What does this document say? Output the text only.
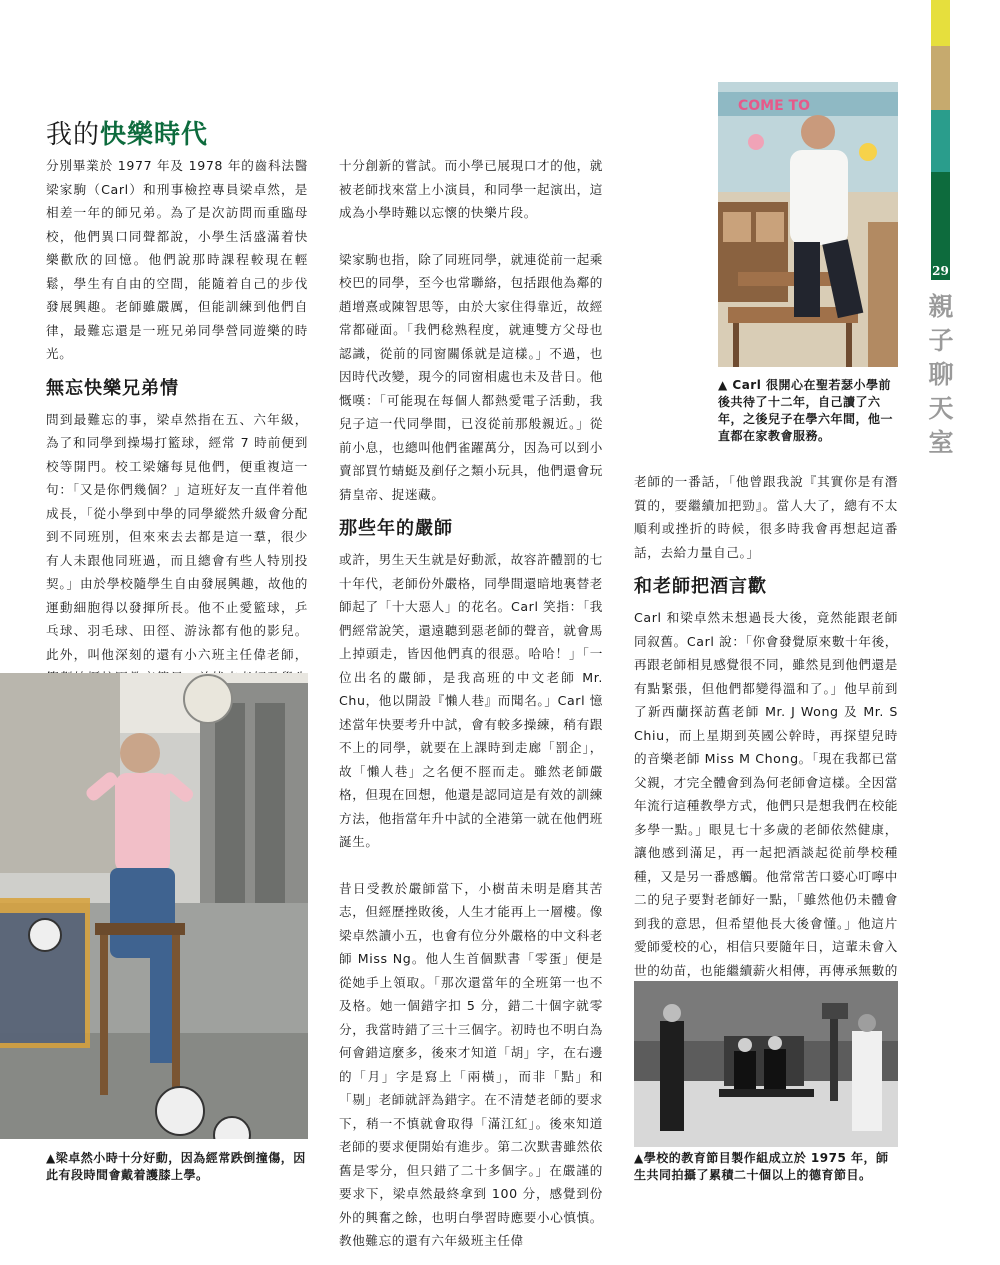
29
親
子
聊
天
室
我的快樂時代

分別畢業於 1977 年及 1978 年的齒科法醫梁家駒（Carl）和刑事檢控專員梁卓然，是相差一年的師兄弟。為了是次訪問而重臨母校，他們異口同聲都說，小學生活盛滿着快樂歡欣的回憶。他們說那時課程較現在輕鬆，學生有自由的空間，能隨着自己的步伐發展興趣。老師雖嚴厲，但能訓練到他們自律，最難忘還是一班兄弟同學營同遊樂的時光。

無忘快樂兄弟情

問到最難忘的事，梁卓然指在五、六年級，為了和同學到操場打籃球，經常 7 時前便到校等開門。校工梁嬸每見他們，便重複這一句：「又是你們幾個？」這班好友一直伴着他成長，「從小學到中學的同學縱然升級會分配到不同班別，但來來去去都是這一羣，很少有人未跟他同班過，而且總會有些人特別投契。」由於學校隨學生自由發展興趣，故他的運動細胞得以發揮所長。他不止愛籃球，乒乓球、羽毛球、田徑、游泳都有他的影兒。此外，叫他深刻的還有小六班主任偉老師，

▲梁卓然小時十分好動，因為經常跌倒撞傷，因此有段時間會戴着護膝上學。

十分創新的嘗試。而小學已展現口才的他，就被老師找來當上小演員，和同學一起演出，這成為小學時難以忘懷的快樂片段。

梁家駒也指，除了同班同學，就連從前一起乘校巴的同學，至今也常聯絡，包括跟他為鄰的趙增熹或陳智思等，由於大家住得靠近，故經常都碰面。「我們稔熟程度，就連雙方父母也認識，從前的同窗關係就是這樣。」不過，也因時代改變，現今的同窗相處也未及昔日。他慨嘆：「可能現在每個人都熱愛電子活動，我兒子這一代同學間，已沒從前那般親近。」從前小息，也總叫他們雀躍萬分，因為可以到小賣部買竹蜻蜓及剷仔之類小玩具，他們還會玩猜皇帝、捉迷藏。

那些年的嚴師

或許，男生天生就是好動派，故容許體罰的七十年代，老師份外嚴格，同學間還暗地裏替老師起了「十大惡人」的花名。Carl 笑指：「我們經常說笑，還遠聽到惡老師的聲音，就會馬上掉頭走，皆因他們真的很惡。哈哈！」「一位出名的嚴師，是我高班的中文老師 Mr. Chu，他以開設『懶人巷』而聞名。」Carl 憶述當年快要考升中試，會有較多操練，稍有跟不上的同學，就要在上課時到走廊「罰企」，故「懶人巷」之名便不脛而走。雖然老師嚴格，但現在回想，他還是認同這是有效的訓練方法，他指當年升中試的全港第一就在他們班誕生。

昔日受教於嚴師當下，小樹苗未明是磨其苦志，但經歷挫敗後，人生才能再上一層樓。像梁卓然讀小五，也會有位分外嚴格的中文科老師 Miss Ng。他人生首個默書「零蛋」便是從她手上領取。「那次還當年的全班第一也不及格。她一個錯字扣 5 分，錯二十個字就零分，我當時錯了三十三個字。初時也不明白為何會錯這麼多，後來才知道「胡」字，在右邊的「月」字是寫上「兩橫」，而非「點」和「剔」老師就評為錯字。在不清楚老師的要求下，稍一不慎就會取得「滿江紅」。後來知道老師的要求便開始有進步。第二次默書雖然依舊是零分，但只錯了二十多個字。」在嚴謹的要求下，梁卓然最終拿到 100 分，感覺到份外的興奮之餘，也明白學習時應要小心慎慎。教他難忘的還有六年級班主任偉

COME TO
▲ Carl 很開心在聖若瑟小學前後共待了十二年，自己讀了六年，之後兒子在學六年間，他一直都在家教會服務。

老師的一番話，「他曾跟我說『其實你是有潛質的，要繼續加把勁』。當人大了，總有不太順利或挫折的時候，很多時我會再想起這番話，去給力量自己。」

和老師把酒言歡

Carl 和梁卓然未想過長大後，竟然能跟老師同叙舊。Carl 說：「你會發覺原來數十年後，再跟老師相見感覺很不同，雖然見到他們還是有點緊張，但他們都變得溫和了。」他早前到了新西蘭探訪舊老師 Mr. J Wong 及 Mr. S Chiu，而上星期到英國公幹時，再探望兒時的音樂老師 Miss M Chong。「現在我都已當父親，才完全體會到為何老師會這樣。全因當年流行這種教學方式，他們只是想我們在校能多學一點。」眼見七十多歲的老師依然健康，讓他感到滿足，再一起把酒談起從前學校種種，又是另一番感觸。他常常苦口婆心叮嚀中二的兒子要對老師好一點，「雖然他仍未體會到我的意思，但希望他長大後會懂。」他這片愛師愛校的心，相信只要隨年日，這輩未會入世的幼苗，也能繼續薪火相傳，再傳承無數的

▲學校的教育節目製作組成立於 1975 年，師生共同拍攝了累積二十個以上的德育節目。
